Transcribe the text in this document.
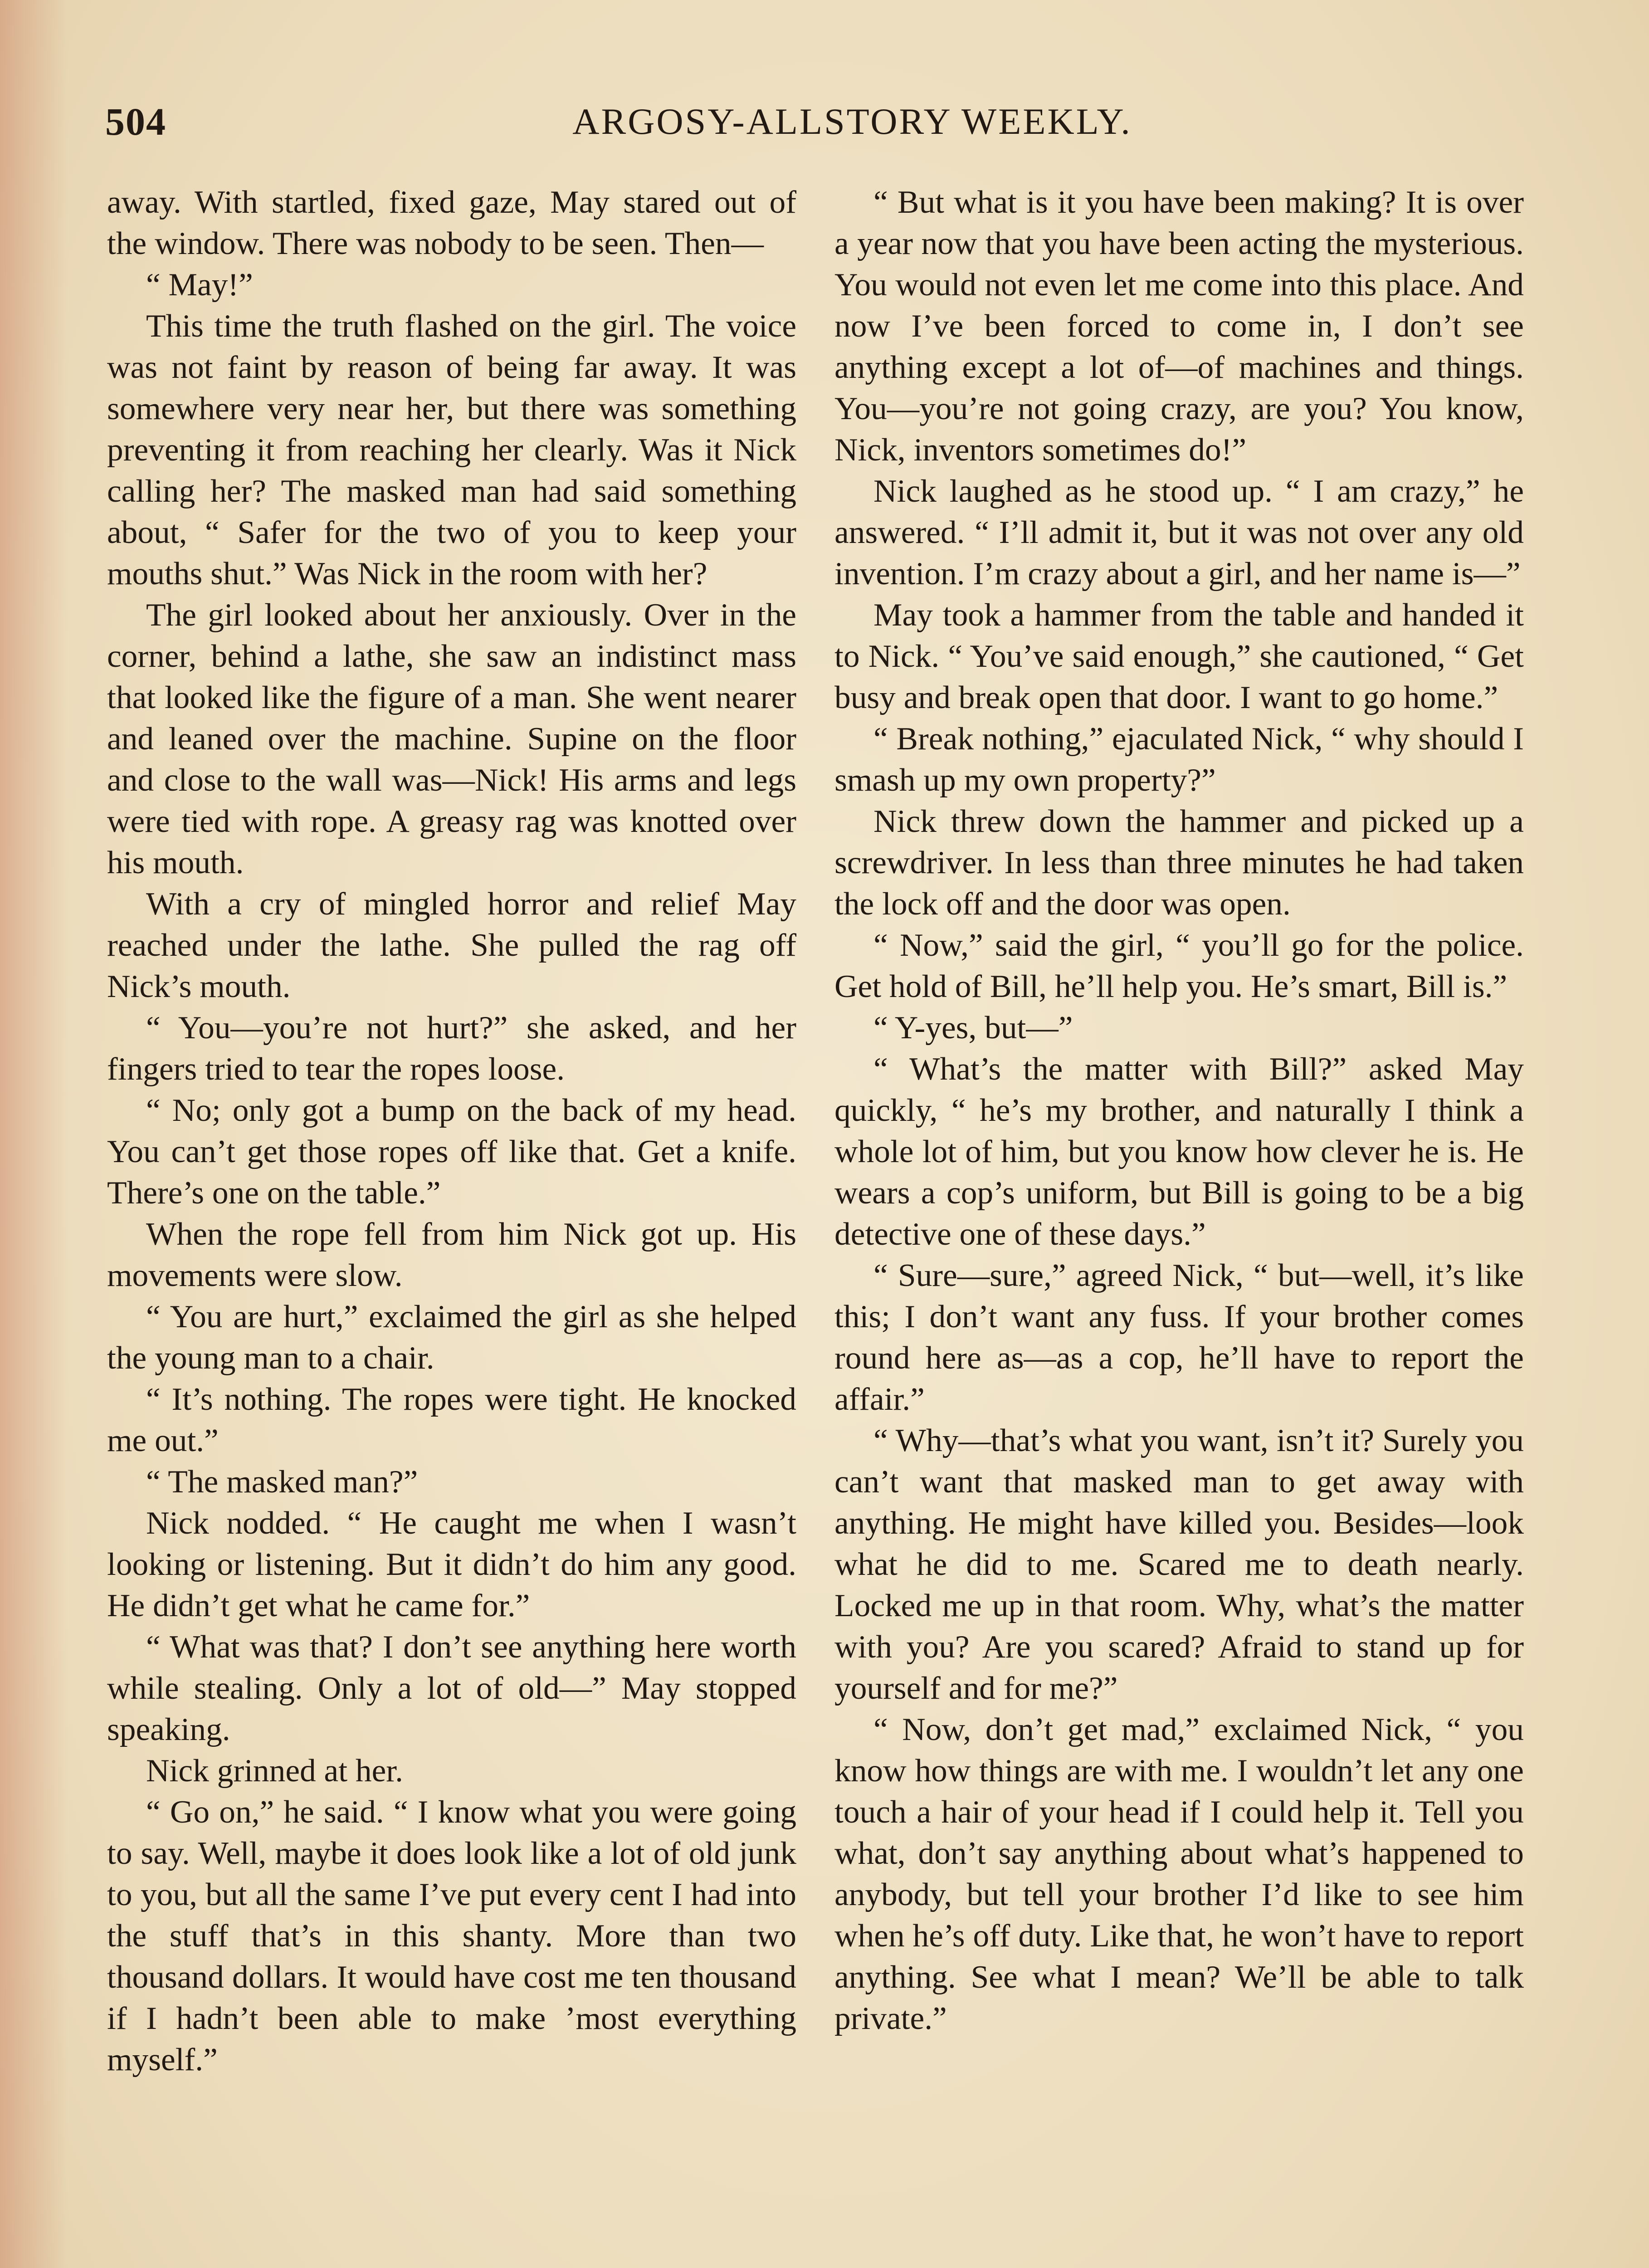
504	ARGOSY-ALLSTORY WEEKLY.

away. With startled, fixed gaze, May stared out of the window. There was nobody to be seen. Then—

“ May!”

This time the truth flashed on the girl. The voice was not faint by reason of being far away. It was somewhere very near her, but there was something preventing it from reaching her clearly. Was it Nick calling her? The masked man had said something about, “ Safer for the two of you to keep your mouths shut.” Was Nick in the room with her?

The girl looked about her anxiously. Over in the corner, behind a lathe, she saw an indistinct mass that looked like the figure of a man. She went nearer and leaned over the machine. Supine on the floor and close to the wall was—Nick! His arms and legs were tied with rope. A greasy rag was knotted over his mouth.

With a cry of mingled horror and relief May reached under the lathe. She pulled the rag off Nick’s mouth.

“ You—you’re not hurt?” she asked, and her fingers tried to tear the ropes loose.

“ No; only got a bump on the back of my head. You can’t get those ropes off like that. Get a knife. There’s one on the table.”

When the rope fell from him Nick got up. His movements were slow.

“ You are hurt,” exclaimed the girl as she helped the young man to a chair.

“ It’s nothing. The ropes were tight. He knocked me out.”

“ The masked man?”

Nick nodded. “ He caught me when I wasn’t looking or listening. But it didn’t do him any good. He didn’t get what he came for.”

“ What was that? I don’t see anything here worth while stealing. Only a lot of old—” May stopped speaking.

Nick grinned at her.

“ Go on,” he said. “ I know what you were going to say. Well, maybe it does look like a lot of old junk to you, but all the same I’ve put every cent I had into the stuff that’s in this shanty. More than two thousand dollars. It would have cost me ten thousand if I hadn’t been able to make ’most everything myself.”

“ But what is it you have been making? It is over a year now that you have been acting the mysterious. You would not even let me come into this place. And now I’ve been forced to come in, I don’t see anything except a lot of—of machines and things. You—you’re not going crazy, are you? You know, Nick, inventors sometimes do!”

Nick laughed as he stood up. “ I am crazy,” he answered. “ I’ll admit it, but it was not over any old invention. I’m crazy about a girl, and her name is—”

May took a hammer from the table and handed it to Nick. “ You’ve said enough,” she cautioned, “ Get busy and break open that door. I want to go home.”

“ Break nothing,” ejaculated Nick, “ why should I smash up my own property?”

Nick threw down the hammer and picked up a screwdriver. In less than three minutes he had taken the lock off and the door was open.

“ Now,” said the girl, “ you’ll go for the police. Get hold of Bill, he’ll help you. He’s smart, Bill is.”

“ Y-yes, but—”

“ What’s the matter with Bill?” asked May quickly, “ he’s my brother, and naturally I think a whole lot of him, but you know how clever he is. He wears a cop’s uniform, but Bill is going to be a big detective one of these days.”

“ Sure—sure,” agreed Nick, “ but—well, it’s like this; I don’t want any fuss. If your brother comes round here as—as a cop, he’ll have to report the affair.”

“ Why—that’s what you want, isn’t it? Surely you can’t want that masked man to get away with anything. He might have killed you. Besides—look what he did to me. Scared me to death nearly. Locked me up in that room. Why, what’s the matter with you? Are you scared? Afraid to stand up for yourself and for me?”

“ Now, don’t get mad,” exclaimed Nick, “ you know how things are with me. I wouldn’t let any one touch a hair of your head if I could help it. Tell you what, don’t say anything about what’s happened to anybody, but tell your brother I’d like to see him when he’s off duty. Like that, he won’t have to report anything. See what I mean? We’ll be able to talk private.”
